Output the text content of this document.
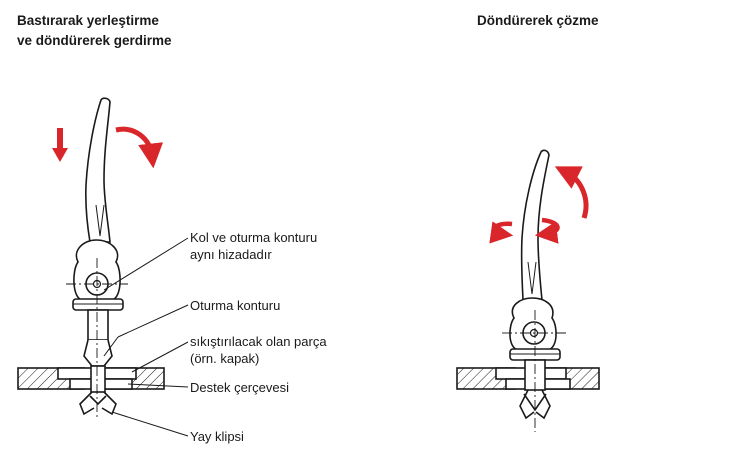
Bastırarak yerleştirme
ve döndürerek gerdirme
Döndürerek çözme
Kol ve oturma konturu
aynı hizadadır
Oturma konturu
sıkıştırılacak olan parça
(örn. kapak)
Destek çerçevesi
Yay klipsi
